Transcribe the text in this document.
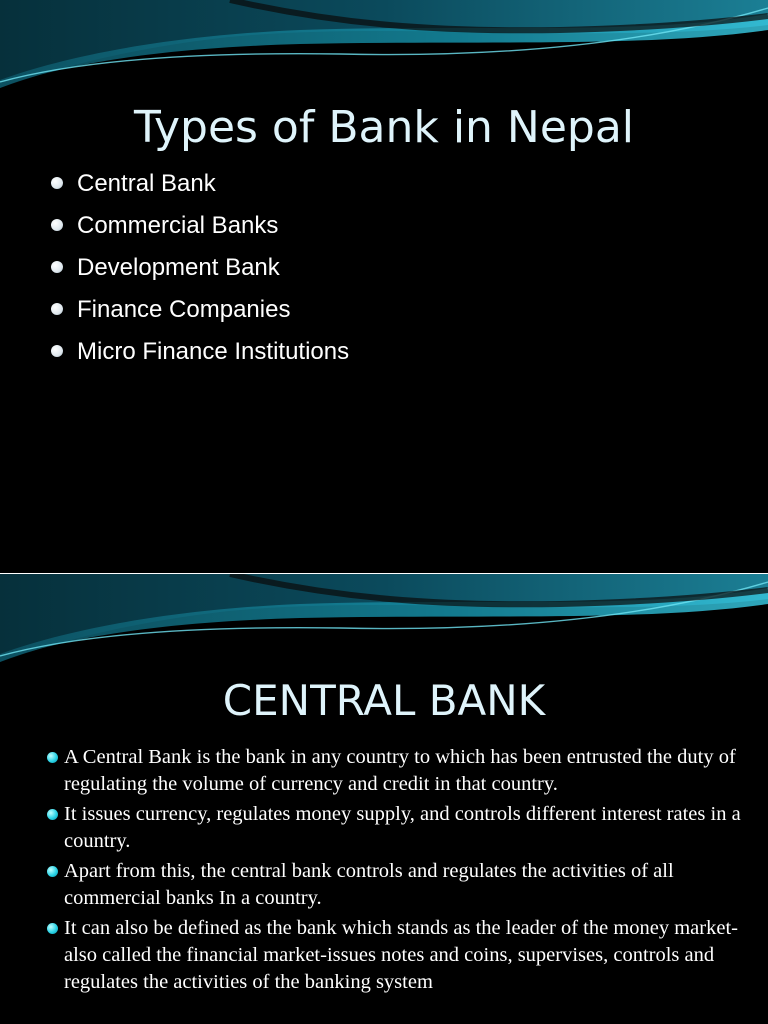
Types of Bank in Nepal
Central Bank
Commercial Banks
Development Bank
Finance Companies
Micro Finance Institutions
CENTRAL BANK
A Central Bank is the bank in any country to which has been entrusted the duty of regulating the volume of currency and credit in that country.
It issues currency, regulates money supply, and controls different interest rates in a country.
Apart from this, the central bank controls and regulates the activities of all commercial banks In a country.
It can also be defined as the bank which stands as the leader of the money market-also called the financial market-issues notes and coins, supervises, controls and regulates the activities of the banking system
